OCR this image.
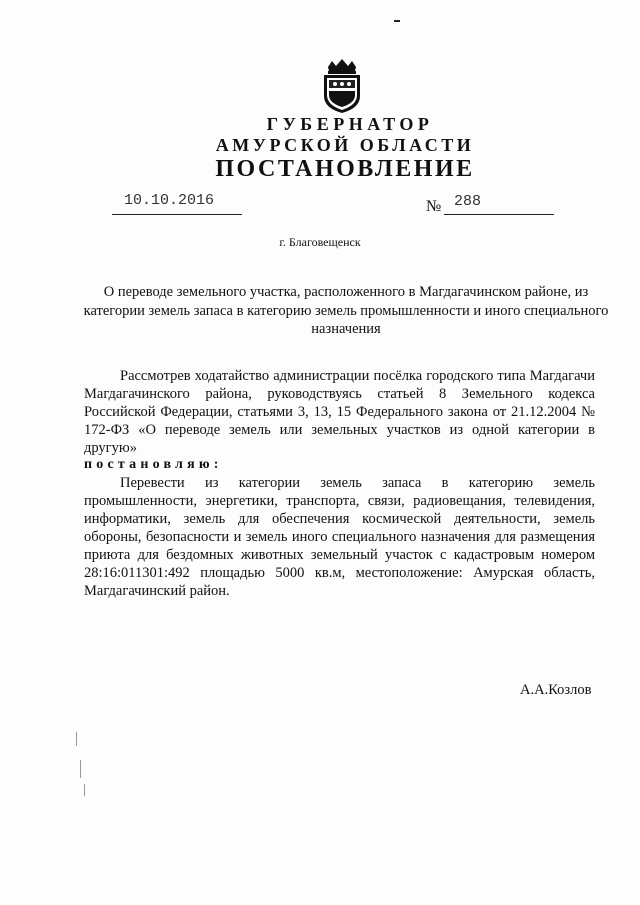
ГУБЕРНАТОР
АМУРСКОЙ ОБЛАСТИ
ПОСТАНОВЛЕНИЕ
10.10.2016	№ 288
г. Благовещенск
О переводе земельного участка, расположенного в Магдагачинском районе, из категории земель запаса в категорию земель промышленности и иного специального назначения
Рассмотрев ходатайство администрации посёлка городского типа Магдагачи Магдагачинского района, руководствуясь статьей 8 Земельного кодекса Российской Федерации, статьями 3, 13, 15 Федерального закона от 21.12.2004 № 172-ФЗ «О переводе земель или земельных участков из одной категории в другую»
постановляю:
Перевести из категории земель запаса в категорию земель промышленности, энергетики, транспорта, связи, радиовещания, телевидения, информатики, земель для обеспечения космической деятельности, земель обороны, безопасности и земель иного специального назначения для размещения приюта для бездомных животных земельный участок с кадастровым номером 28:16:011301:492 площадью 5000 кв.м, местоположение: Амурская область, Магдагачинский район.
А.А.Козлов
